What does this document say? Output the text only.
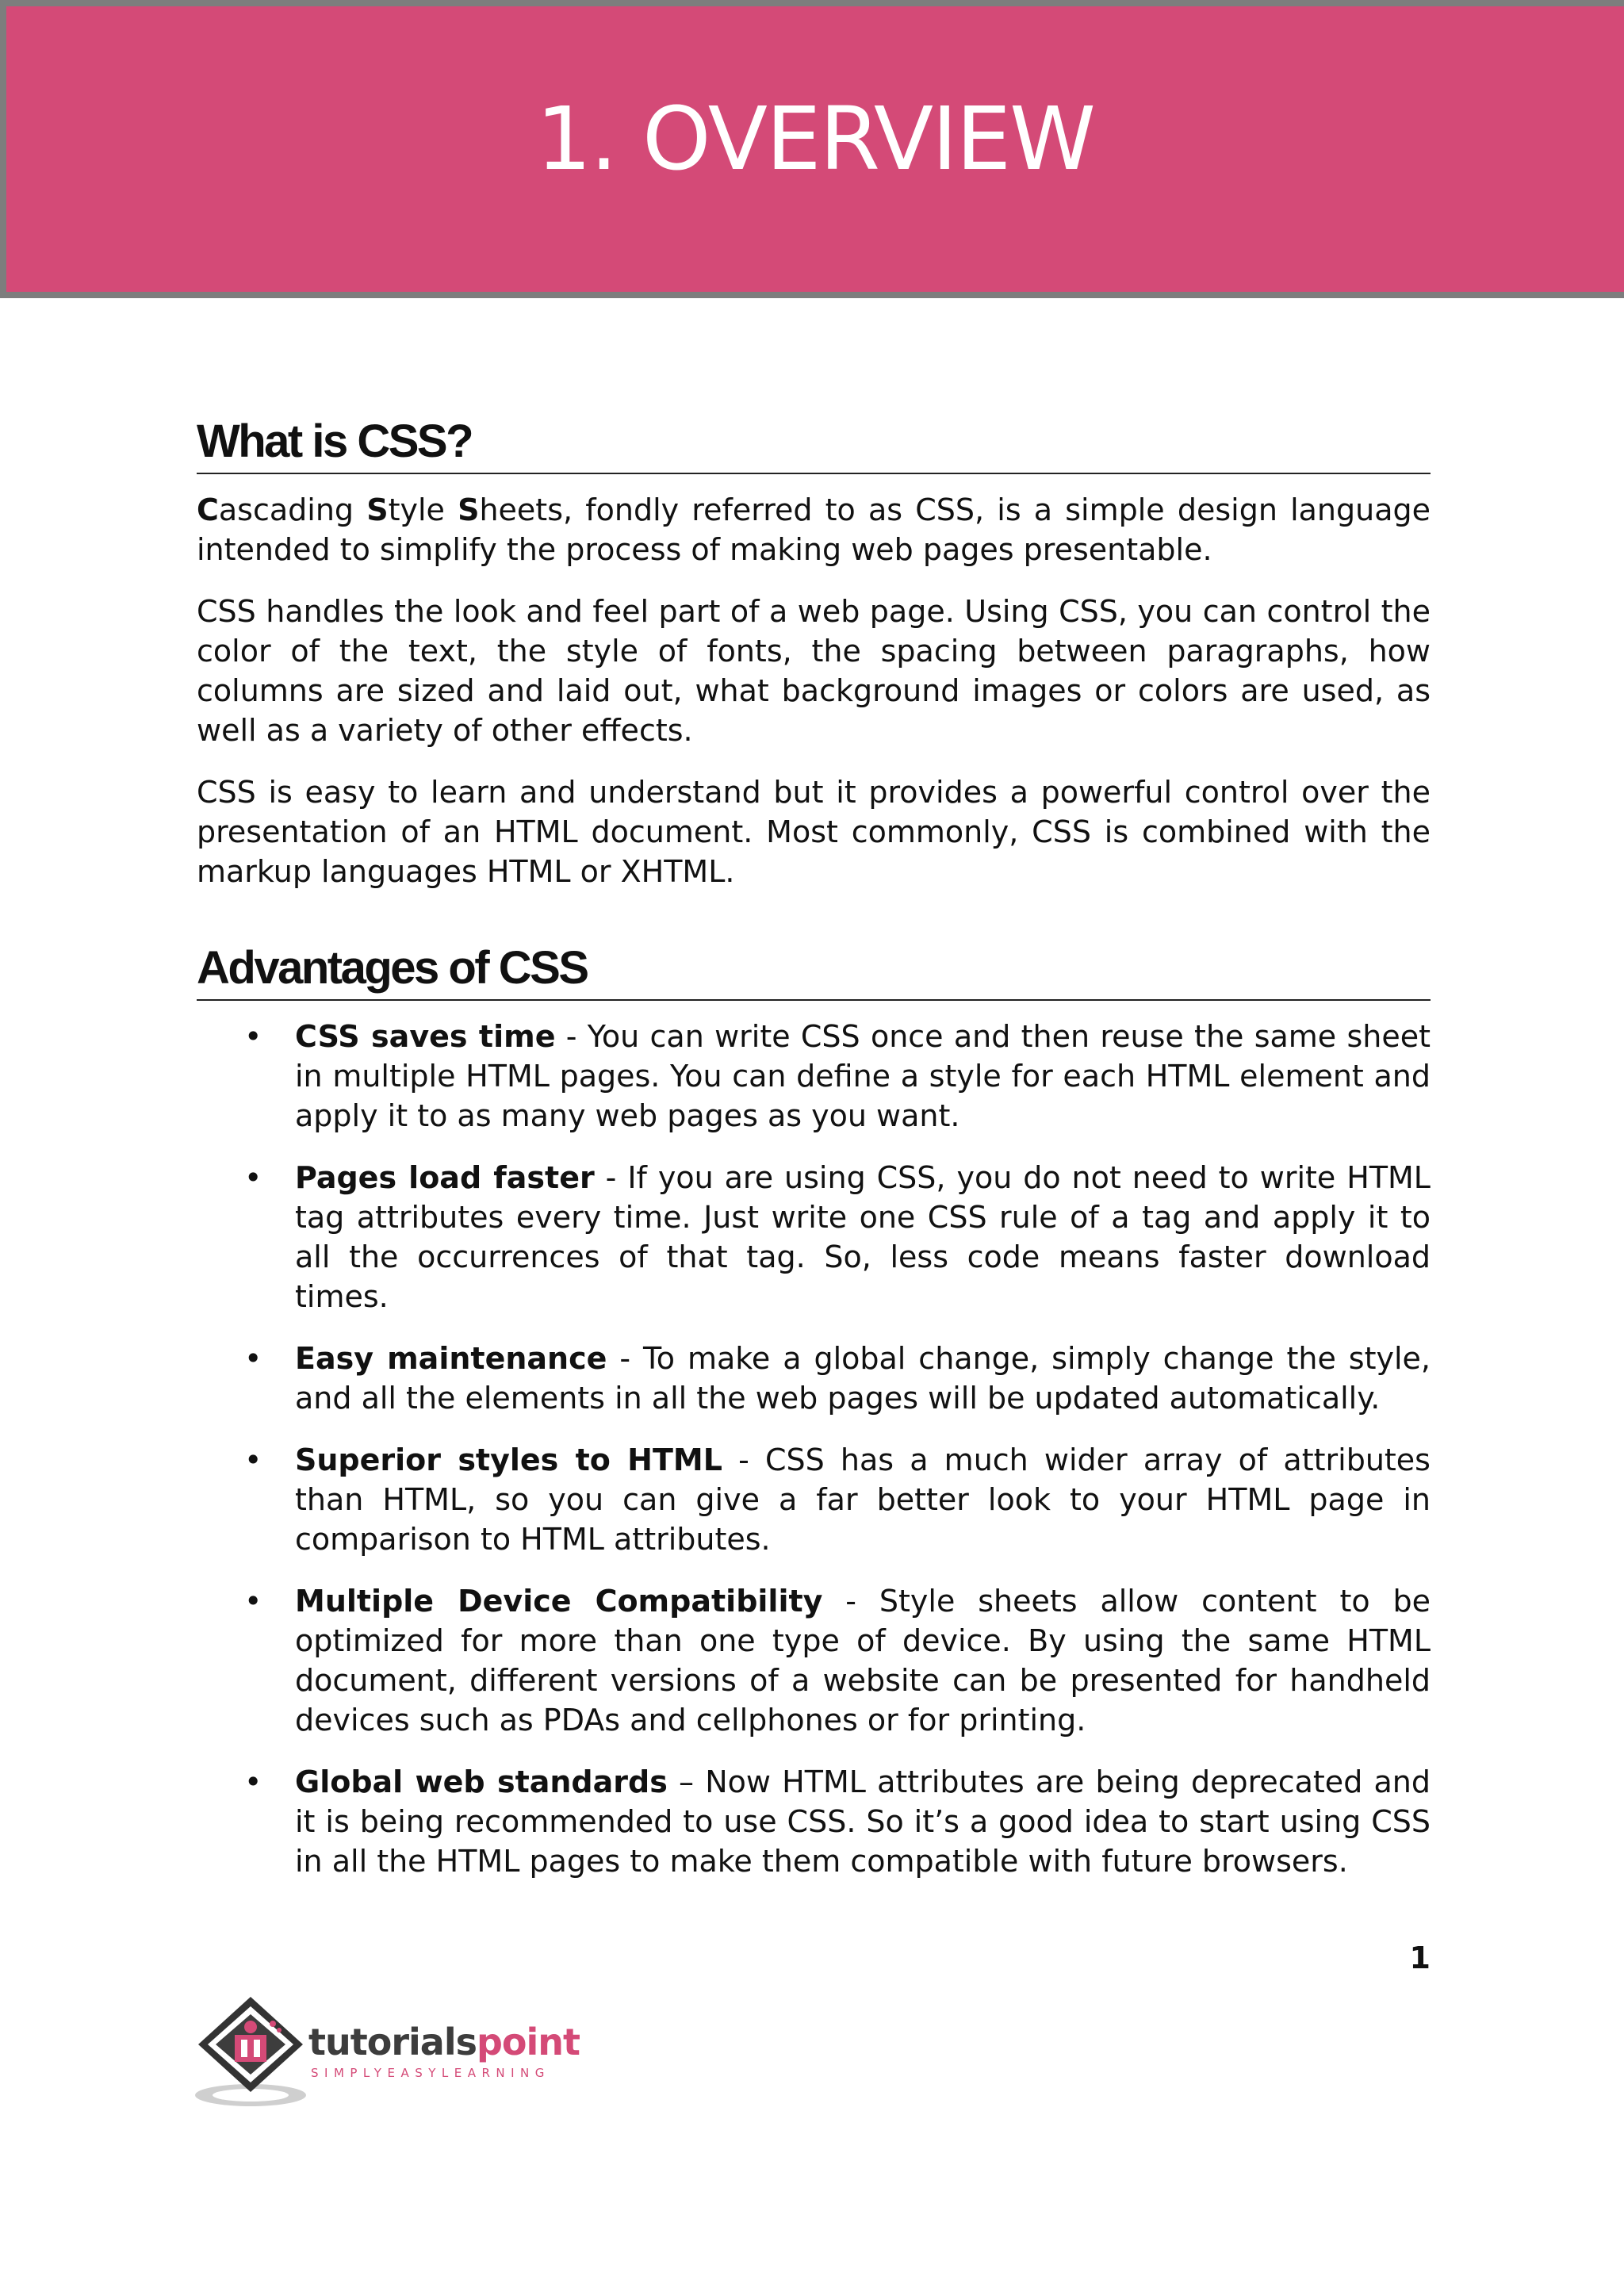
1. OVERVIEW
What is CSS?

Cascading Style Sheets, fondly referred to as CSS, is a simple design language intended to simplify the process of making web pages presentable.

CSS handles the look and feel part of a web page. Using CSS, you can control the color of the text, the style of fonts, the spacing between paragraphs, how columns are sized and laid out, what background images or colors are used, as well as a variety of other effects.

CSS is easy to learn and understand but it provides a powerful control over the presentation of an HTML document. Most commonly, CSS is combined with the markup languages HTML or XHTML.

Advantages of CSS
• CSS saves time - You can write CSS once and then reuse the same sheet in multiple HTML pages. You can define a style for each HTML element and apply it to as many web pages as you want.
• Pages load faster - If you are using CSS, you do not need to write HTML tag attributes every time. Just write one CSS rule of a tag and apply it to all the occurrences of that tag. So, less code means faster download times.
• Easy maintenance - To make a global change, simply change the style, and all the elements in all the web pages will be updated automatically.
• Superior styles to HTML - CSS has a much wider array of attributes than HTML, so you can give a far better look to your HTML page in comparison to HTML attributes.
• Multiple Device Compatibility - Style sheets allow content to be optimized for more than one type of device. By using the same HTML document, different versions of a website can be presented for handheld devices such as PDAs and cellphones or for printing.
• Global web standards – Now HTML attributes are being deprecated and it is being recommended to use CSS. So it’s a good idea to start using CSS in all the HTML pages to make them compatible with future browsers.
1
tutorialspoint
SIMPLYEASYLEARNING
